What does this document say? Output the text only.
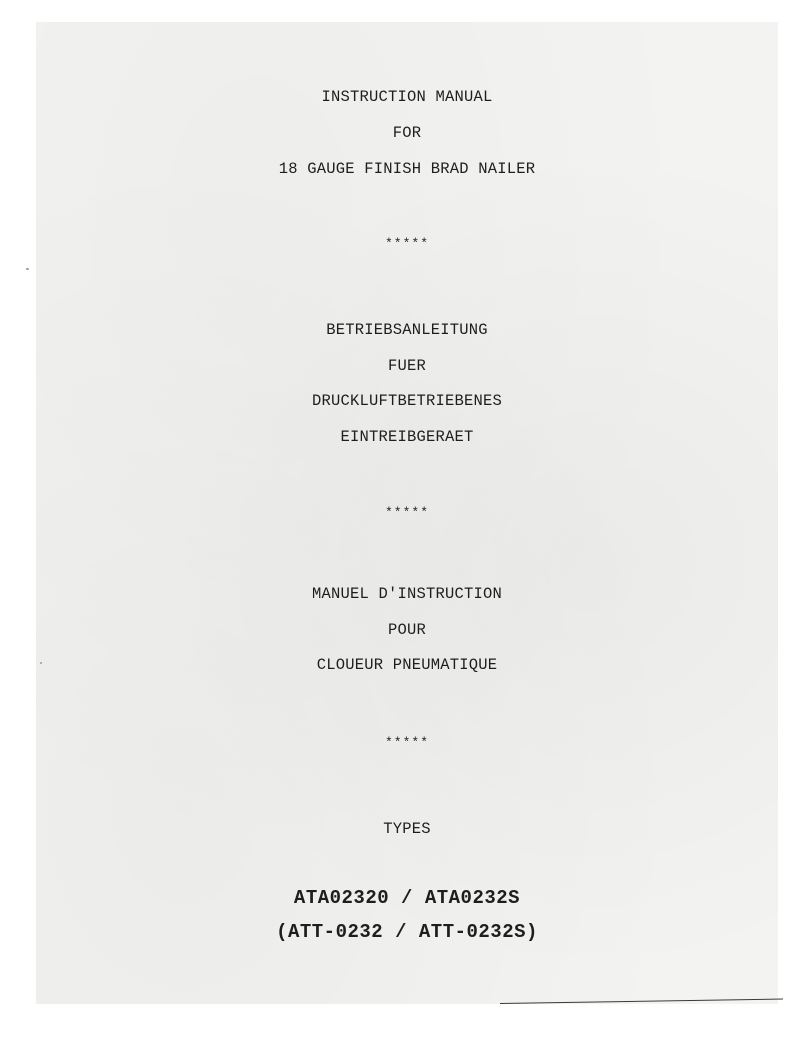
INSTRUCTION MANUAL
FOR
18 GAUGE FINISH BRAD NAILER
*****
BETRIEBSANLEITUNG
FUER
DRUCKLUFTBETRIEBENES
EINTREIBGERAET
*****
MANUEL D'INSTRUCTION
POUR
CLOUEUR PNEUMATIQUE
*****
TYPES
ATA02320 / ATA0232S
(ATT-0232 / ATT-0232S)
